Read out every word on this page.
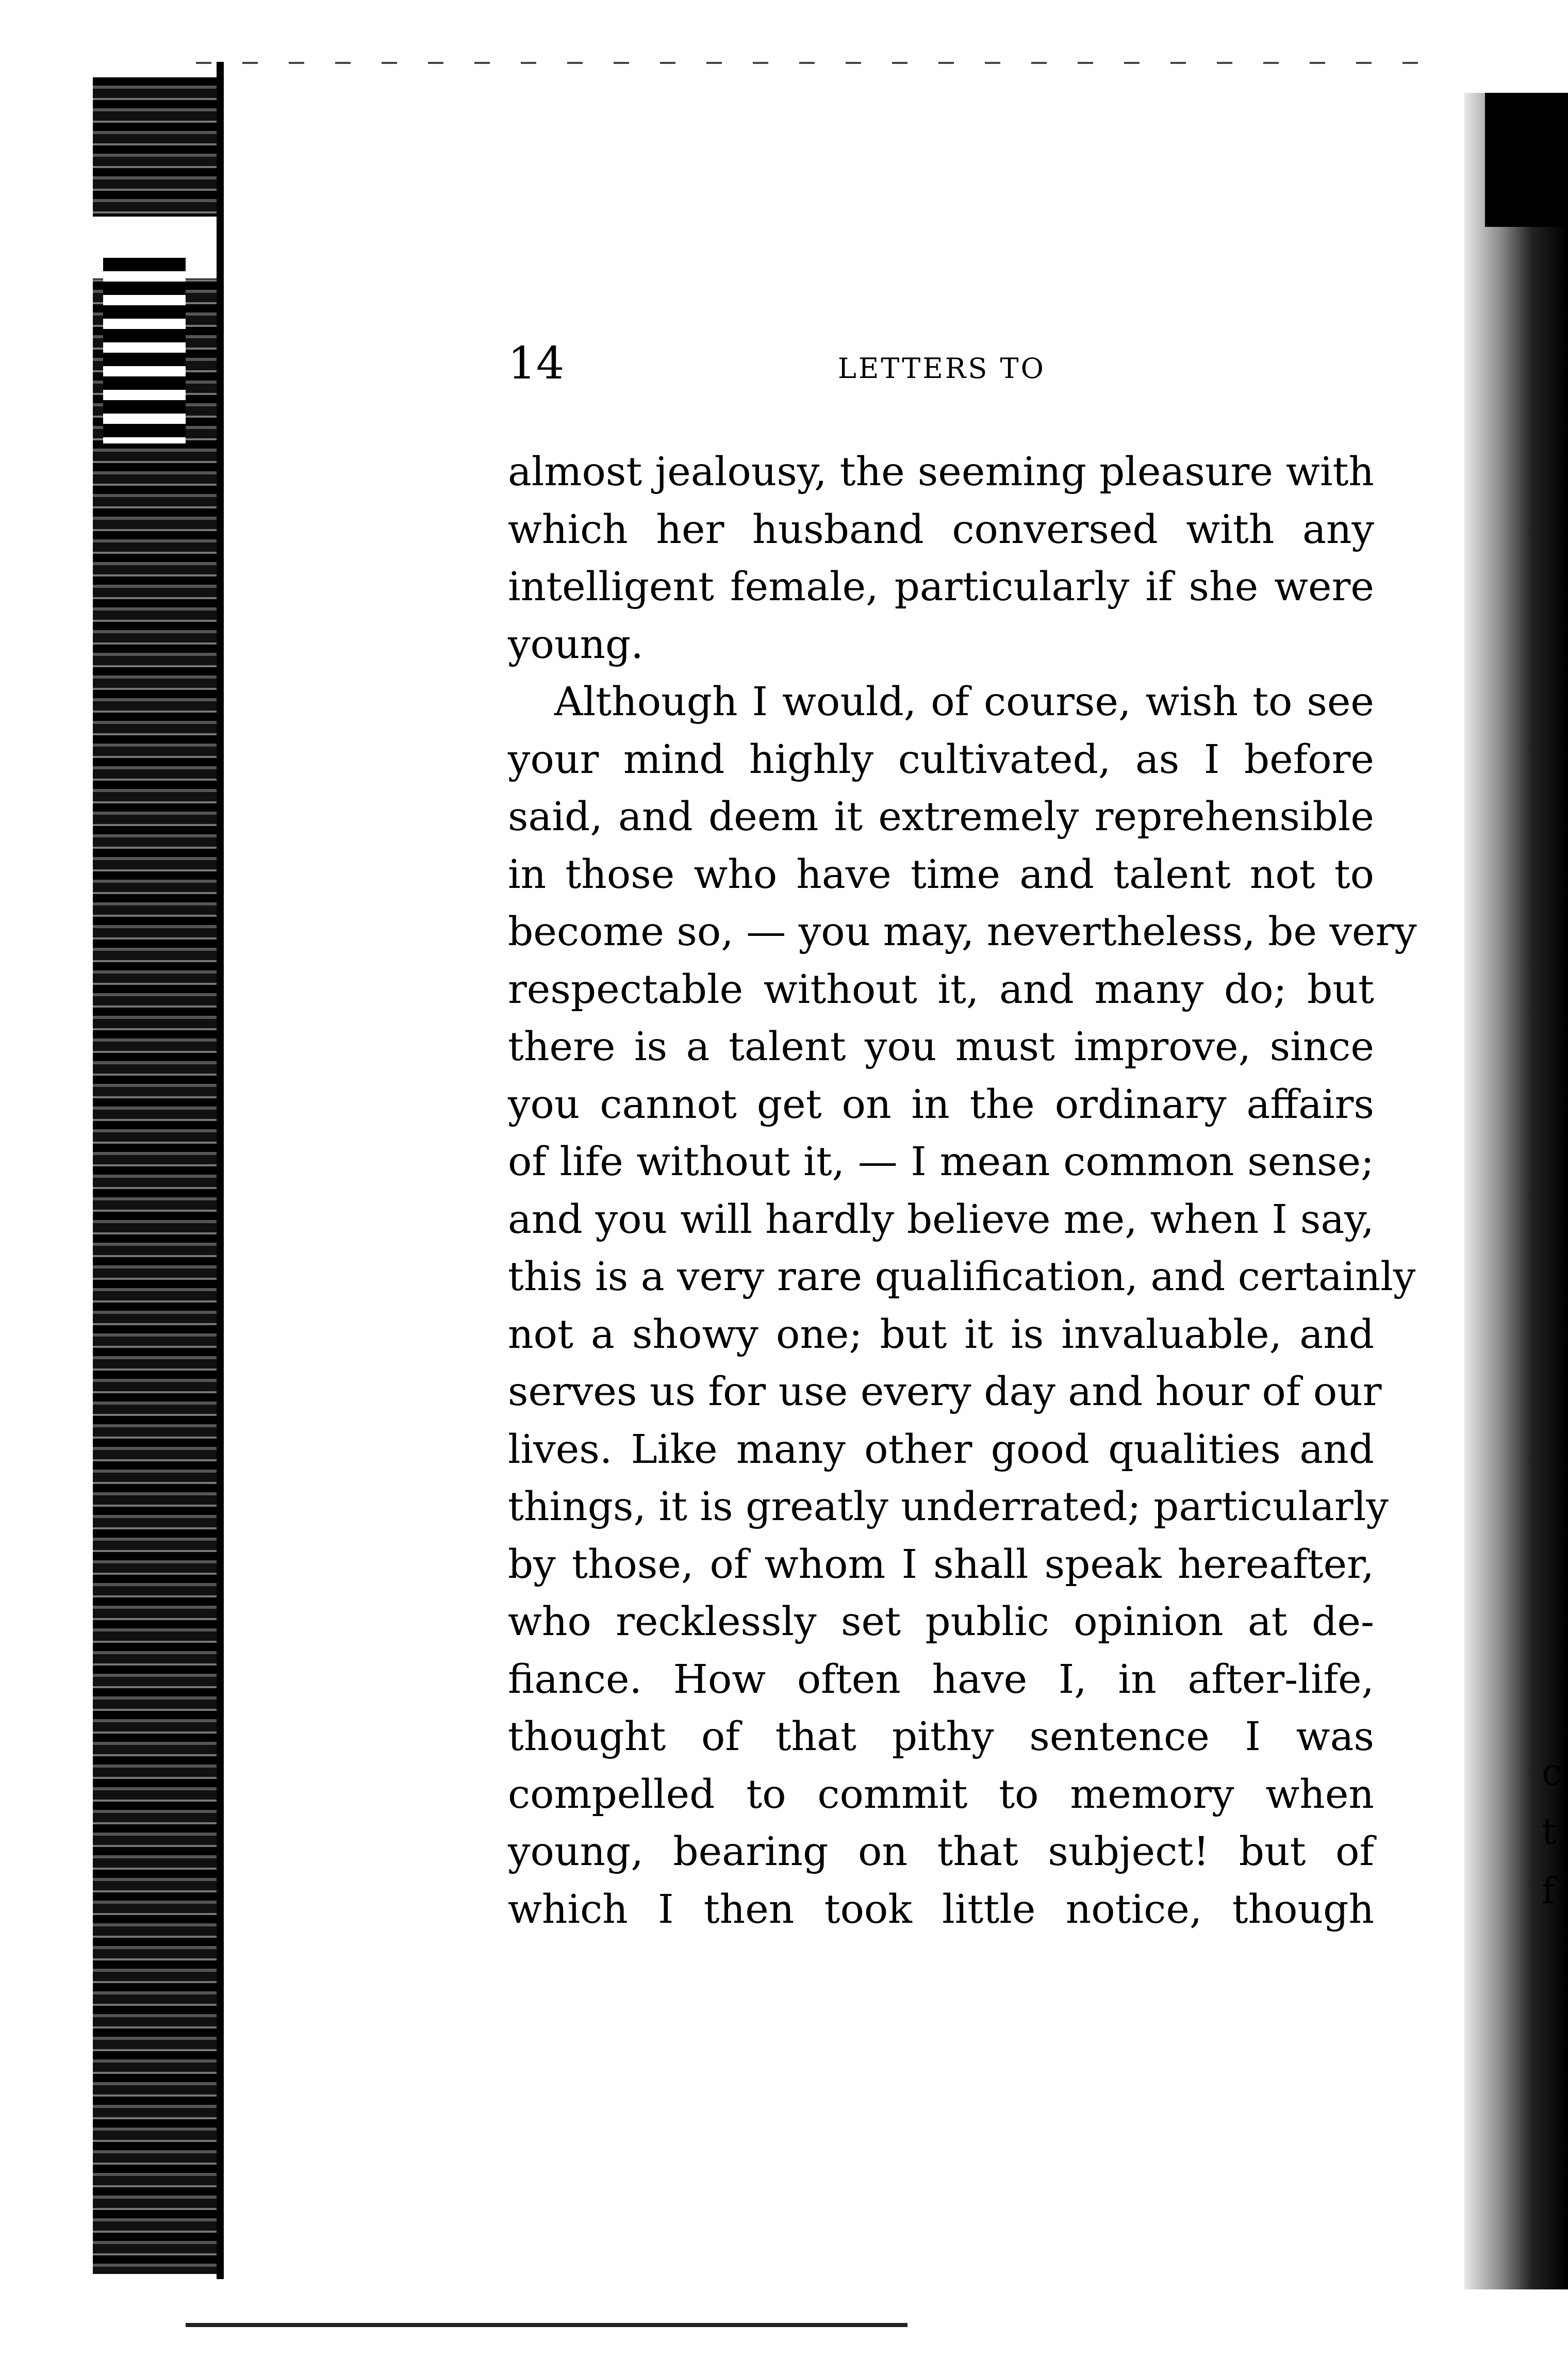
c
t
f
14	LETTERS TO
almost jealousy, the seeming pleasure with
which her husband conversed with any
intelligent female, particularly if she were
young.
Although I would, of course, wish to see
your mind highly cultivated, as I before
said, and deem it extremely reprehensible
in those who have time and talent not to
become so, — you may, nevertheless, be very
respectable without it, and many do; but
there is a talent you must improve, since
you cannot get on in the ordinary affairs
of life without it, — I mean common sense;
and you will hardly believe me, when I say,
this is a very rare qualification, and certainly
not a showy one; but it is invaluable, and
serves us for use every day and hour of our
lives. Like many other good qualities and
things, it is greatly underrated; particularly
by those, of whom I shall speak hereafter,
who recklessly set public opinion at de-
fiance. How often have I, in after-life,
thought of that pithy sentence I was
compelled to commit to memory when
young, bearing on that subject! but of
which I then took little notice, though
